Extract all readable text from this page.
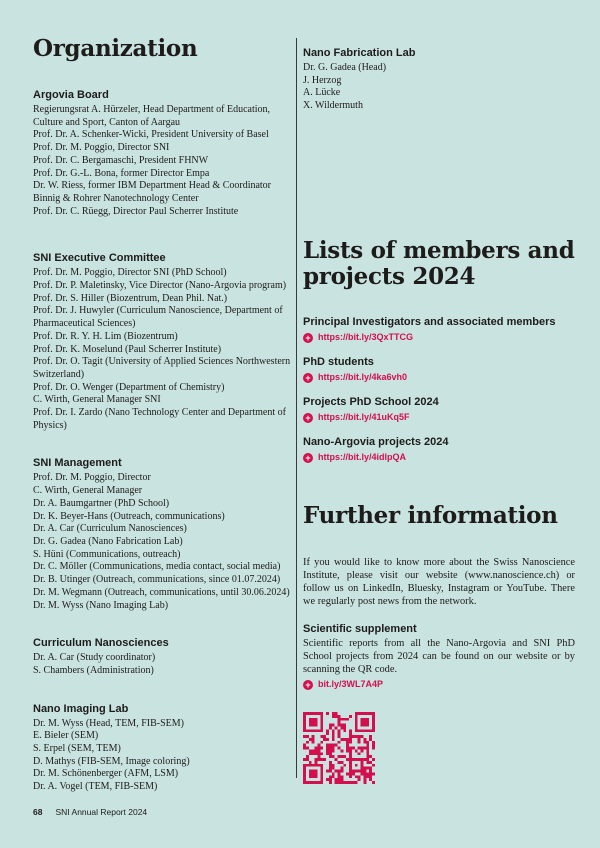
Organization
Argovia Board
Regierungsrat A. Hürzeler, Head Department of Education, Culture and Sport, Canton of Aargau
Prof. Dr. A. Schenker-Wicki, President University of Basel
Prof. Dr. M. Poggio, Director SNI
Prof. Dr. C. Bergamaschi, President FHNW
Prof. Dr. G.-L. Bona, former Director Empa
Dr. W. Riess, former IBM Department Head & Coordinator Binnig & Rohrer Nanotechnology Center
Prof. Dr. C. Rüegg, Director Paul Scherrer Institute
SNI Executive Committee
Prof. Dr. M. Poggio, Director SNI (PhD School)
Prof. Dr. P. Maletinsky, Vice Director (Nano-Argovia program)
Prof. Dr. S. Hiller (Biozentrum, Dean Phil. Nat.)
Prof. Dr. J. Huwyler (Curriculum Nanoscience, Department of Pharmaceutical Sciences)
Prof. Dr. R. Y. H. Lim (Biozentrum)
Prof. Dr. K. Moselund (Paul Scherrer Institute)
Prof. Dr. O. Tagit (University of Applied Sciences Northwestern Switzerland)
Prof. Dr. O. Wenger (Department of Chemistry)
C. Wirth, General Manager SNI
Prof. Dr. I. Zardo (Nano Technology Center and Department of Physics)
SNI Management
Prof. Dr. M. Poggio, Director
C. Wirth, General Manager
Dr. A. Baumgartner (PhD School)
Dr. K. Beyer-Hans (Outreach, communications)
Dr. A. Car (Curriculum Nanosciences)
Dr. G. Gadea (Nano Fabrication Lab)
S. Hüni (Communications, outreach)
Dr. C. Möller (Communications, media contact, social media)
Dr. B. Utinger (Outreach, communications, since 01.07.2024)
Dr. M. Wegmann (Outreach, communications, until 30.06.2024)
Dr. M. Wyss (Nano Imaging Lab)
Curriculum Nanosciences
Dr. A. Car (Study coordinator)
S. Chambers (Administration)
Nano Imaging Lab
Dr. M. Wyss (Head, TEM, FIB-SEM)
E. Bieler (SEM)
S. Erpel (SEM, TEM)
D. Mathys (FIB-SEM, Image coloring)
Dr. M. Schönenberger (AFM, LSM)
Dr. A. Vogel (TEM, FIB-SEM)
Nano Fabrication Lab
Dr. G. Gadea (Head)
J. Herzog
A. Lücke
X. Wildermuth
Lists of members and projects 2024
Principal Investigators and associated members
+ https://bit.ly/3QxTTCG
PhD students
+ https://bit.ly/4ka6vh0
Projects PhD School 2024
+ https://bit.ly/41uKq5F
Nano-Argovia projects 2024
+ https://bit.ly/4idlpQA
Further information

If you would like to know more about the Swiss Nanoscience Institute, please visit our website (www.nanoscience.ch) or follow us on LinkedIn, Bluesky, Instagram or YouTube. There we regularly post news from the network.

Scientific supplement

Scientific reports from all the Nano-Argovia and SNI PhD School projects from 2024 can be found on our website or by scanning the QR code.

+ bit.ly/3WL7A4P
68 SNI Annual Report 2024
